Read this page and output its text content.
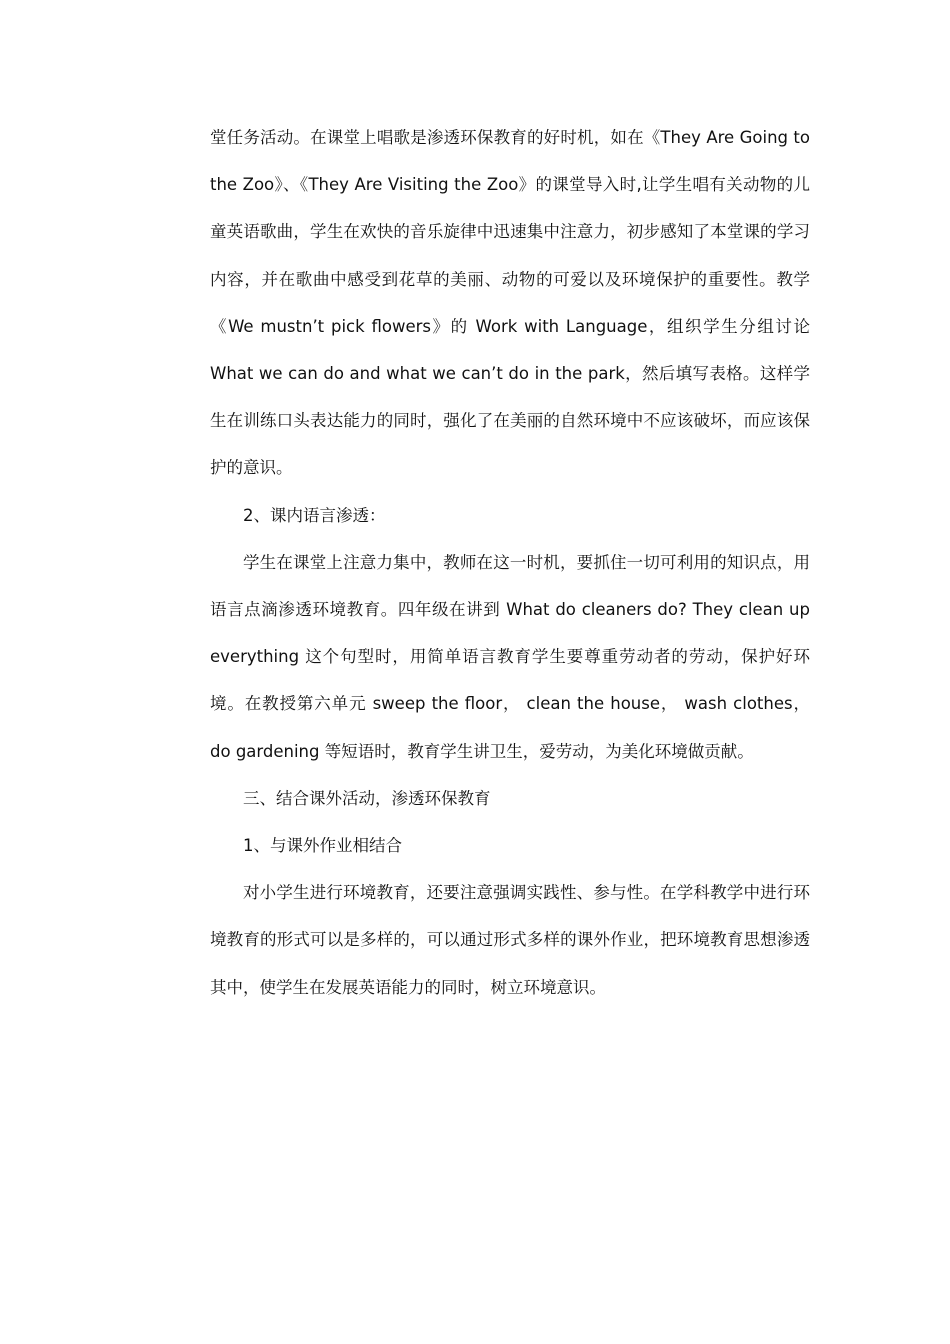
堂任务活动。在课堂上唱歌是渗透环保教育的好时机，如在《They Are Going to the Zoo》、《They Are Visiting the Zoo》的课堂导入时,让学生唱有关动物的儿童英语歌曲，学生在欢快的音乐旋律中迅速集中注意力，初步感知了本堂课的学习内容，并在歌曲中感受到花草的美丽、动物的可爱以及环境保护的重要性。教学《We mustn’t pick flowers》的 Work with Language，组织学生分组讨论 What we can do and what we can’t do in the park，然后填写表格。这样学生在训练口头表达能力的同时，强化了在美丽的自然环境中不应该破坏，而应该保护的意识。

2、课内语言渗透：

学生在课堂上注意力集中，教师在这一时机，要抓住一切可利用的知识点，用语言点滴渗透环境教育。四年级在讲到 What do cleaners do? They clean up everything 这个句型时，用简单语言教育学生要尊重劳动者的劳动，保护好环境。在教授第六单元 sweep the floor， clean the house， wash clothes，do gardening 等短语时，教育学生讲卫生，爱劳动，为美化环境做贡献。

三、结合课外活动，渗透环保教育

1、与课外作业相结合

对小学生进行环境教育，还要注意强调实践性、参与性。在学科教学中进行环境教育的形式可以是多样的，可以通过形式多样的课外作业，把环境教育思想渗透其中，使学生在发展英语能力的同时，树立环境意识。
